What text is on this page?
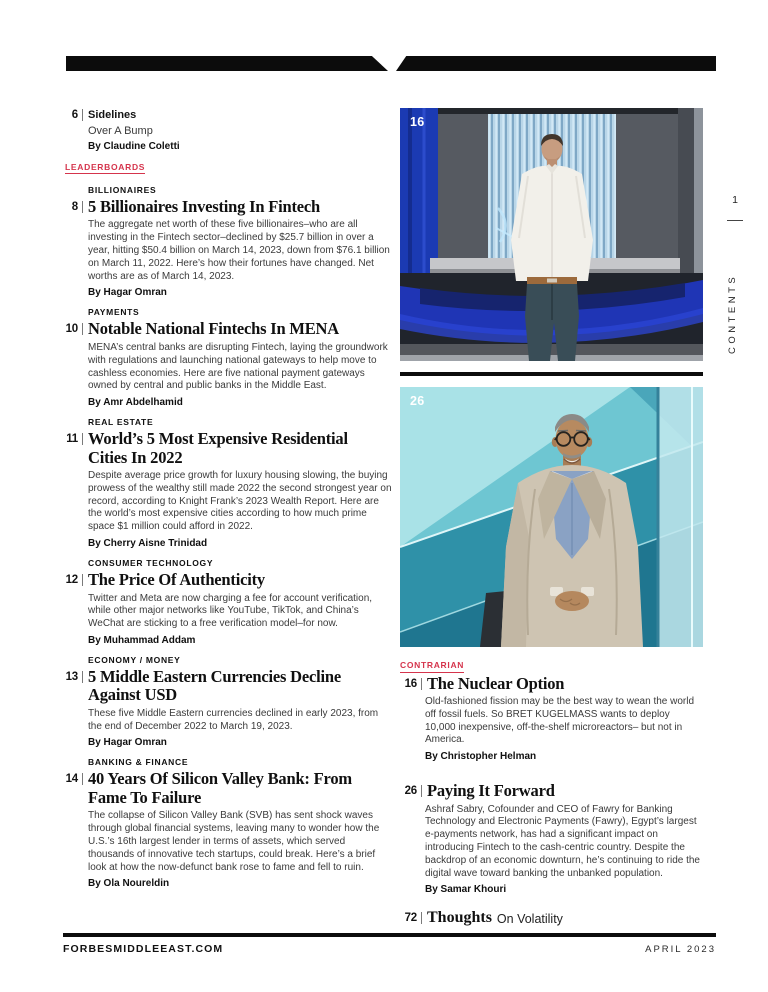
6 Sidelines
Over A Bump
By Claudine Coletti
LEADERBOARDS
BILLIONAIRES
8 5 Billionaires Investing In Fintech

The aggregate net worth of these five billionaires–who are all investing in the Fintech sector–declined by $25.7 billion in over a year, hitting $50.4 billion on March 14, 2023, down from $76.1 billion on March 11, 2022. Here’s how their fortunes have changed. Net worths are as of March 14, 2023.

By Hagar Omran

PAYMENTS
10 Notable National Fintechs In MENA

MENA’s central banks are disrupting Fintech, laying the groundwork with regulations and launching national gateways to help move to cashless economies. Here are five national payment gateways owned by central and public banks in the Middle East.

By Amr Abdelhamid

REAL ESTATE
11 World’s 5 Most Expensive Residential Cities In 2022

Despite average price growth for luxury housing slowing, the buying prowess of the wealthy still made 2022 the second strongest year on record, according to Knight Frank’s 2023 Wealth Report. Here are the world’s most expensive cities according to how much prime space $1 million could afford in 2022.

By Cherry Aisne Trinidad

CONSUMER TECHNOLOGY
12 The Price Of Authenticity

Twitter and Meta are now charging a fee for account verification, while other major networks like YouTube, TikTok, and China’s WeChat are sticking to a free verification model–for now.

By Muhammad Addam

ECONOMY / MONEY
13 5 Middle Eastern Currencies Decline Against USD

These five Middle Eastern currencies declined in early 2023, from the end of December 2022 to March 19, 2023.

By Hagar Omran

BANKING & FINANCE
14 40 Years Of Silicon Valley Bank: From Fame To Failure

The collapse of Silicon Valley Bank (SVB) has sent shock waves through global financial systems, leaving many to wonder how the U.S.’s 16th largest lender in terms of assets, which served thousands of innovative tech startups, could break. Here’s a brief look at how the now-defunct bank rose to fame and fell to ruin.

By Ola Noureldin

16
26
CONTRARIAN
16 The Nuclear Option

Old-fashioned fission may be the best way to wean the world off fossil fuels. So BRET KUGELMASS wants to deploy 10,000 inexpensive, off-the-shelf microreactors– but not in America.

By Christopher Helman

26 Paying It Forward

Ashraf Sabry, Cofounder and CEO of Fawry for Banking Technology and Electronic Payments (Fawry), Egypt’s largest e-payments network, has had a significant impact on introducing Fintech to the cash-centric country. Despite the backdrop of an economic downturn, he’s continuing to ride the digital wave toward banking the unbanked population.

By Samar Khouri

72 Thoughts On Volatility
1
CONTENTS
FORBESMIDDLEEAST.COM	APRIL 2023
